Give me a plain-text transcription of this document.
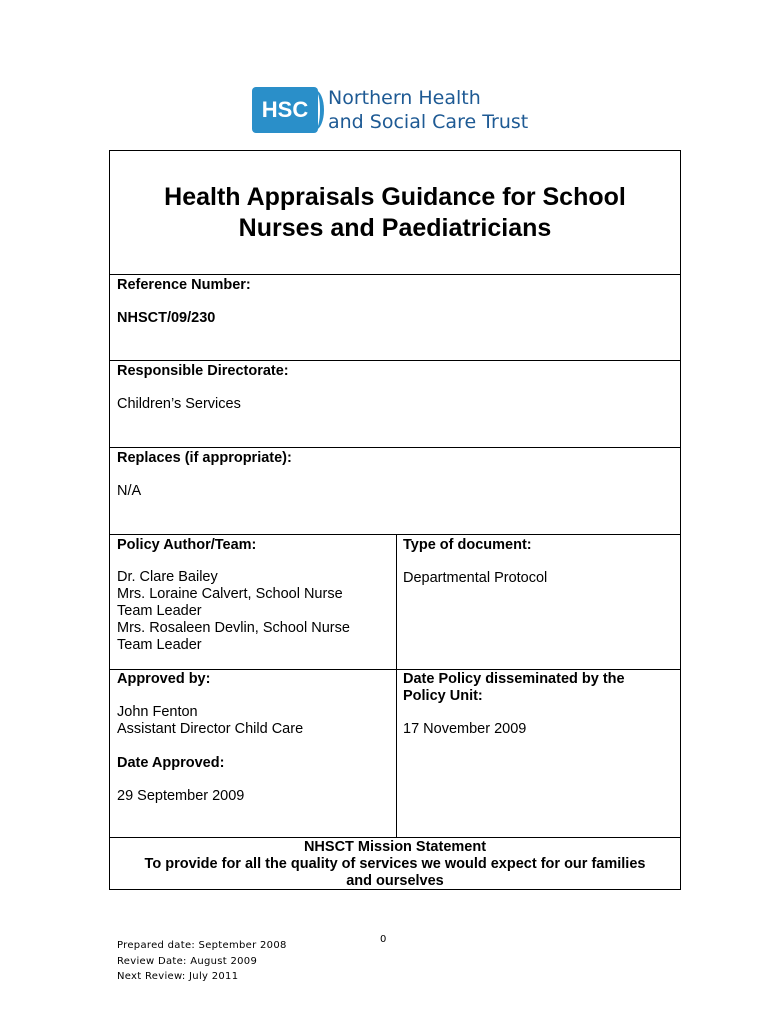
HSC Northern Health
and Social Care Trust
Health Appraisals Guidance for School Nurses and Paediatricians
Reference Number:
NHSCT/09/230
Responsible Directorate:
Children’s Services
Replaces (if appropriate):
N/A
Policy Author/Team:
Dr. Clare Bailey
Mrs. Loraine Calvert, School Nurse
Team Leader
Mrs. Rosaleen Devlin, School Nurse
Team Leader
Type of document:
Departmental Protocol
Approved by:
John Fenton
Assistant Director Child Care
Date Approved:
29 September 2009
Date Policy disseminated by the
Policy Unit:
17 November 2009
NHSCT Mission Statement
To provide for all the quality of services we would expect for our families
and ourselves
0
Prepared date: September 2008
Review Date: August 2009
Next Review: July 2011
